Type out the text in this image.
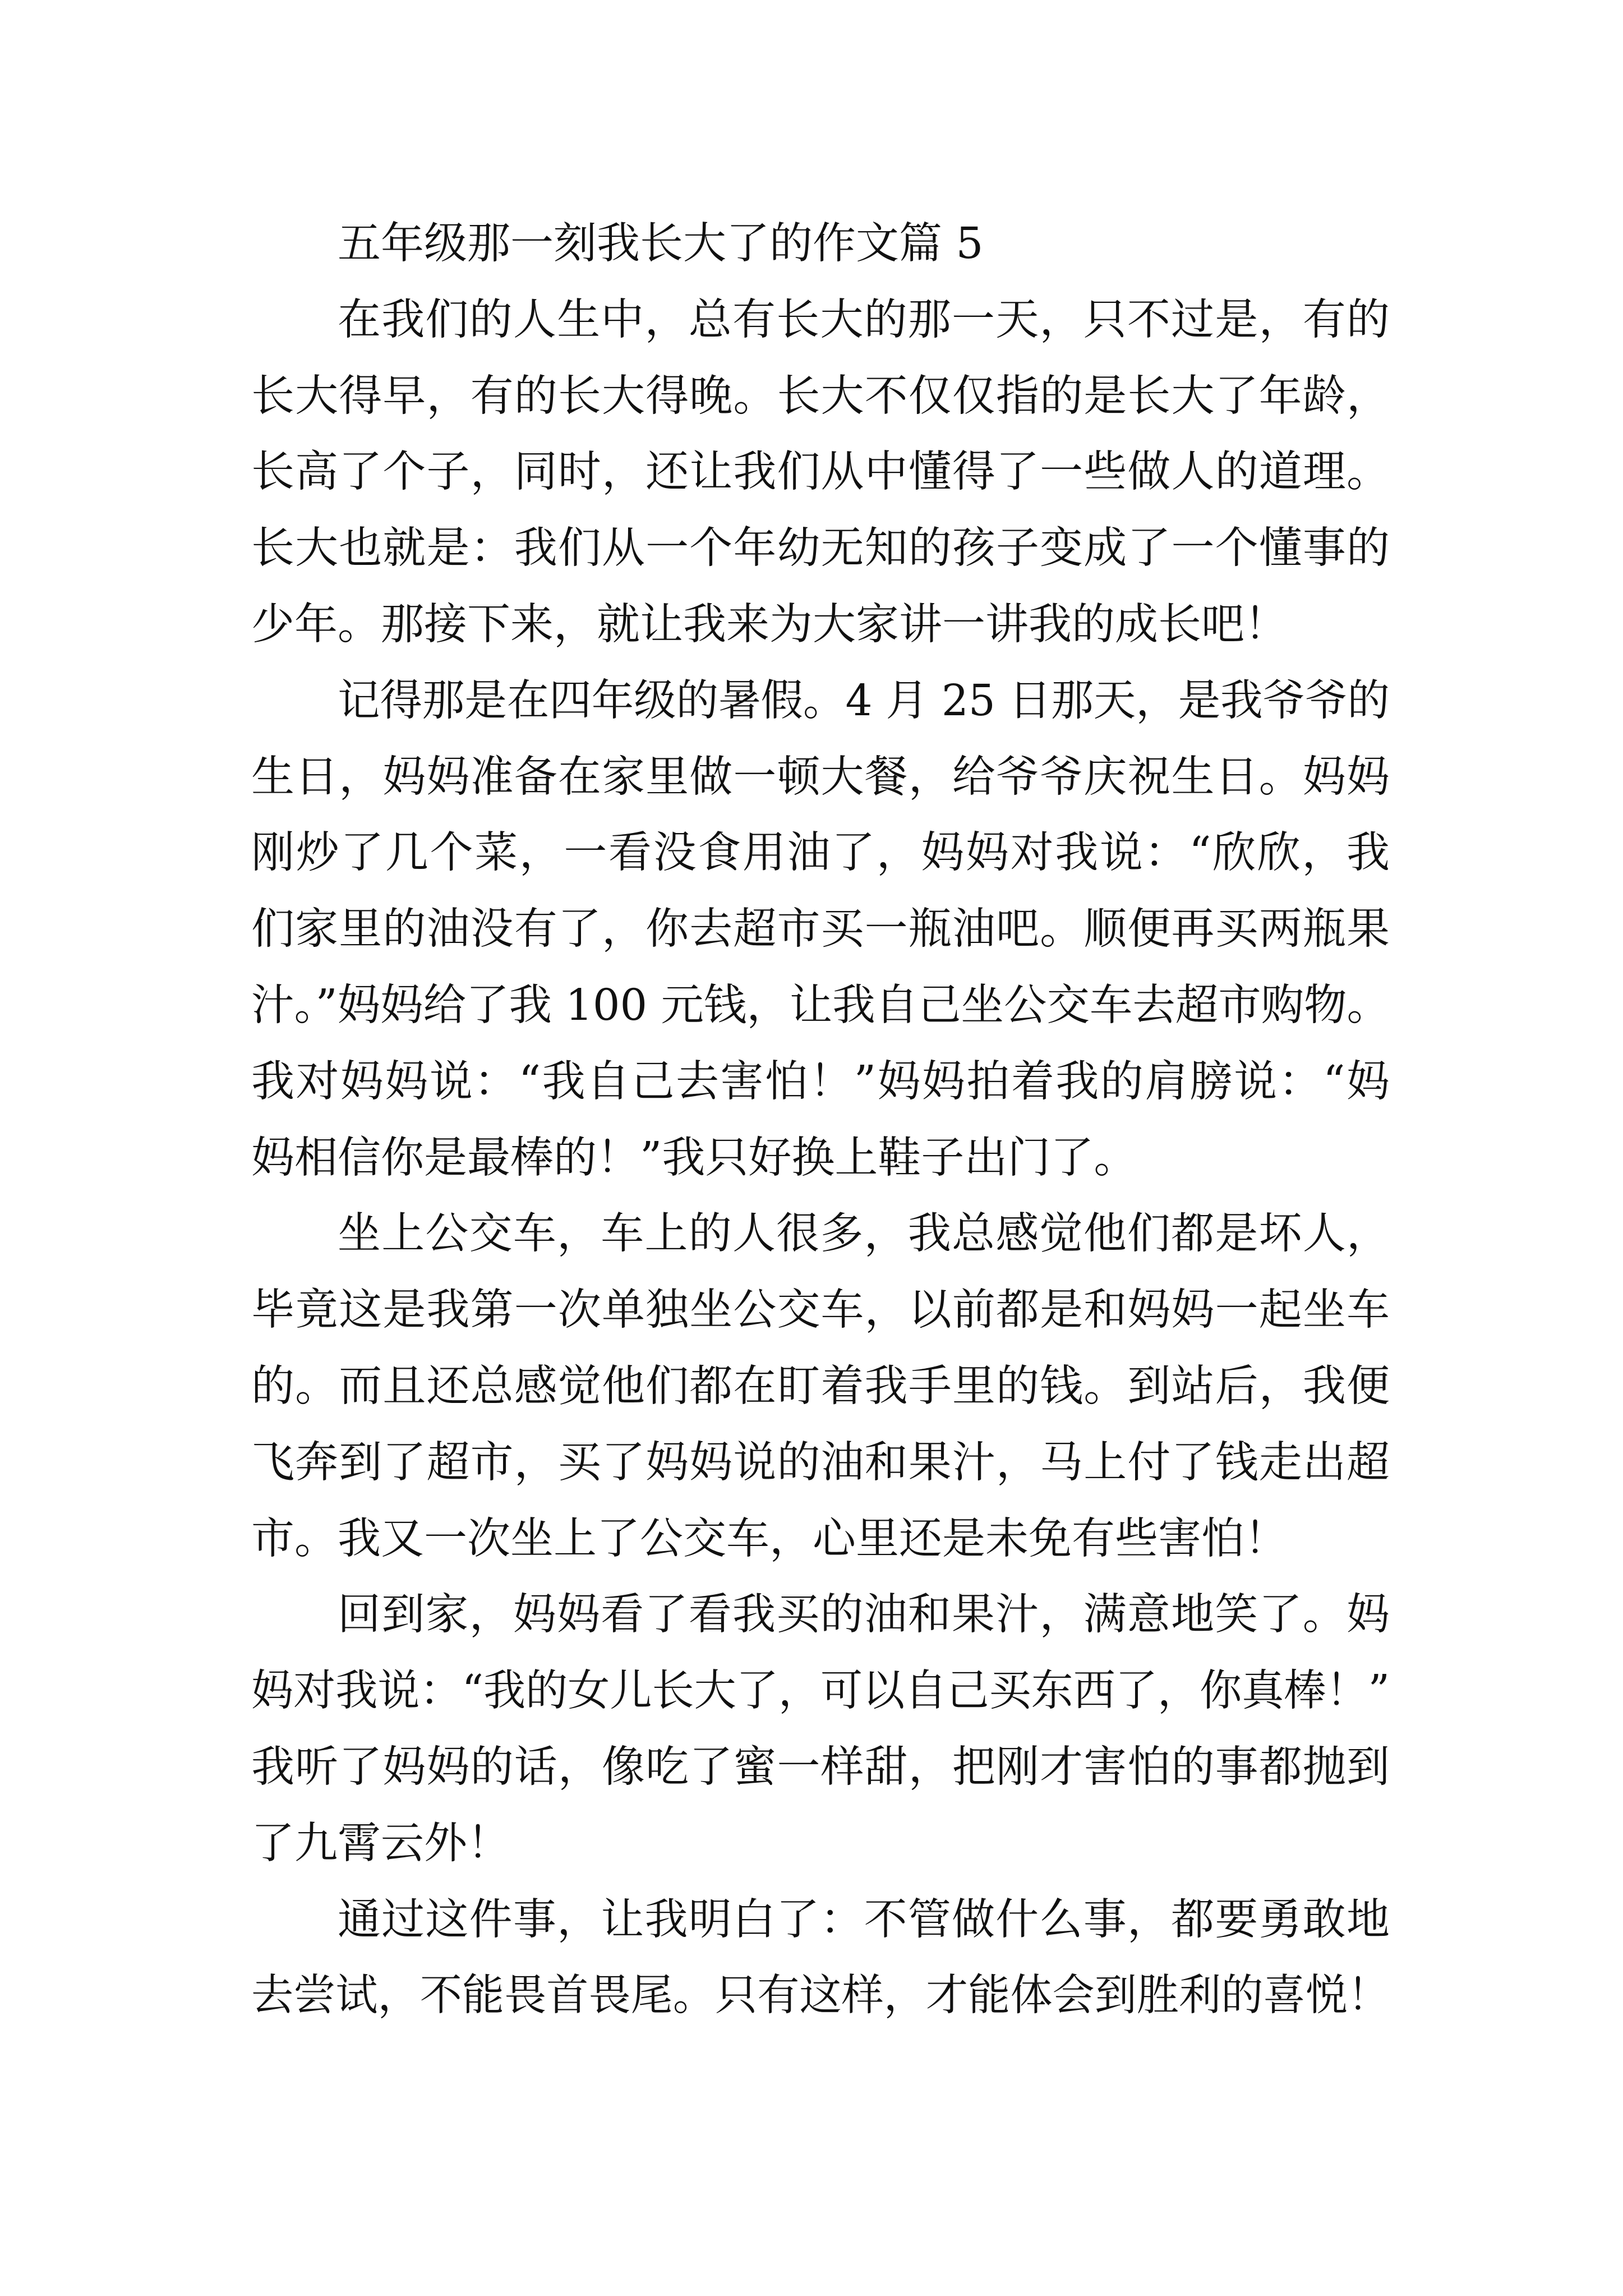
五年级那一刻我长大了的作文篇 5
在我们的人生中，总有长大的那一天，只不过是，有的
长大得早，有的长大得晚。长大不仅仅指的是长大了年龄，
长高了个子，同时，还让我们从中懂得了一些做人的道理。
长大也就是：我们从一个年幼无知的孩子变成了一个懂事的
少年。那接下来，就让我来为大家讲一讲我的成长吧！
记得那是在四年级的暑假。4 月 25 日那天，是我爷爷的
生日，妈妈准备在家里做一顿大餐，给爷爷庆祝生日。妈妈
刚炒了几个菜，一看没食用油了，妈妈对我说：“欣欣，我
们家里的油没有了，你去超市买一瓶油吧。顺便再买两瓶果
汁。”妈妈给了我 100 元钱，让我自己坐公交车去超市购物。
我对妈妈说：“我自己去害怕！”妈妈拍着我的肩膀说：“妈
妈相信你是最棒的！”我只好换上鞋子出门了。
坐上公交车，车上的人很多，我总感觉他们都是坏人，
毕竟这是我第一次单独坐公交车，以前都是和妈妈一起坐车
的。而且还总感觉他们都在盯着我手里的钱。到站后，我便
飞奔到了超市，买了妈妈说的油和果汁，马上付了钱走出超
市。我又一次坐上了公交车，心里还是未免有些害怕！
回到家，妈妈看了看我买的油和果汁，满意地笑了。妈
妈对我说：“我的女儿长大了，可以自己买东西了，你真棒！”
我听了妈妈的话，像吃了蜜一样甜，把刚才害怕的事都抛到
了九霄云外！
通过这件事，让我明白了：不管做什么事，都要勇敢地
去尝试，不能畏首畏尾。只有这样，才能体会到胜利的喜悦！
